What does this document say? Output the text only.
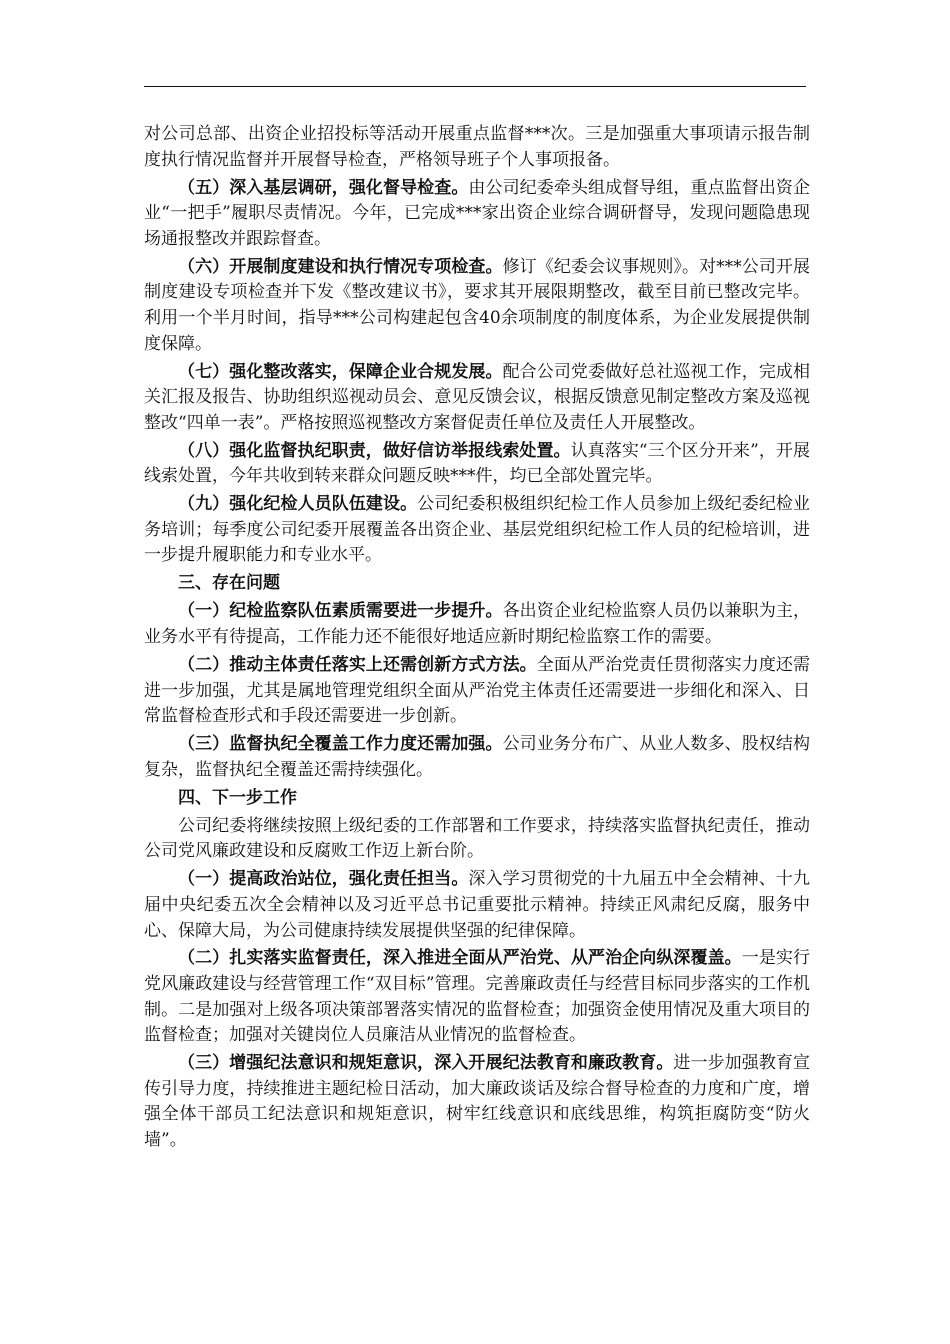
对公司总部、出资企业招投标等活动开展重点监督***次。三是加强重大事项请示报告制度执行情况监督并开展督导检查，严格领导班子个人事项报备。

（五）深入基层调研，强化督导检查。由公司纪委牵头组成督导组，重点监督出资企业“一把手”履职尽责情况。今年，已完成***家出资企业综合调研督导，发现问题隐患现场通报整改并跟踪督查。

（六）开展制度建设和执行情况专项检查。修订《纪委会议事规则》。对***公司开展制度建设专项检查并下发《整改建议书》，要求其开展限期整改，截至目前已整改完毕。利用一个半月时间，指导***公司构建起包含40余项制度的制度体系，为企业发展提供制度保障。

（七）强化整改落实，保障企业合规发展。配合公司党委做好总社巡视工作，完成相关汇报及报告、协助组织巡视动员会、意见反馈会议，根据反馈意见制定整改方案及巡视整改“四单一表”。严格按照巡视整改方案督促责任单位及责任人开展整改。

（八）强化监督执纪职责，做好信访举报线索处置。认真落实“三个区分开来”，开展线索处置，今年共收到转来群众问题反映***件，均已全部处置完毕。

（九）强化纪检人员队伍建设。公司纪委积极组织纪检工作人员参加上级纪委纪检业务培训；每季度公司纪委开展覆盖各出资企业、基层党组织纪检工作人员的纪检培训，进一步提升履职能力和专业水平。

三、存在问题

（一）纪检监察队伍素质需要进一步提升。各出资企业纪检监察人员仍以兼职为主，业务水平有待提高，工作能力还不能很好地适应新时期纪检监察工作的需要。

（二）推动主体责任落实上还需创新方式方法。全面从严治党责任贯彻落实力度还需进一步加强，尤其是属地管理党组织全面从严治党主体责任还需要进一步细化和深入、日常监督检查形式和手段还需要进一步创新。

（三）监督执纪全覆盖工作力度还需加强。公司业务分布广、从业人数多、股权结构复杂，监督执纪全覆盖还需持续强化。

四、下一步工作

公司纪委将继续按照上级纪委的工作部署和工作要求，持续落实监督执纪责任，推动公司党风廉政建设和反腐败工作迈上新台阶。

（一）提高政治站位，强化责任担当。深入学习贯彻党的十九届五中全会精神、十九届中央纪委五次全会精神以及习近平总书记重要批示精神。持续正风肃纪反腐，服务中心、保障大局，为公司健康持续发展提供坚强的纪律保障。

（二）扎实落实监督责任，深入推进全面从严治党、从严治企向纵深覆盖。一是实行党风廉政建设与经营管理工作“双目标”管理。完善廉政责任与经营目标同步落实的工作机制。二是加强对上级各项决策部署落实情况的监督检查；加强资金使用情况及重大项目的监督检查；加强对关键岗位人员廉洁从业情况的监督检查。

（三）增强纪法意识和规矩意识，深入开展纪法教育和廉政教育。进一步加强教育宣传引导力度，持续推进主题纪检日活动，加大廉政谈话及综合督导检查的力度和广度，增强全体干部员工纪法意识和规矩意识，树牢红线意识和底线思维，构筑拒腐防变“防火墙”。
